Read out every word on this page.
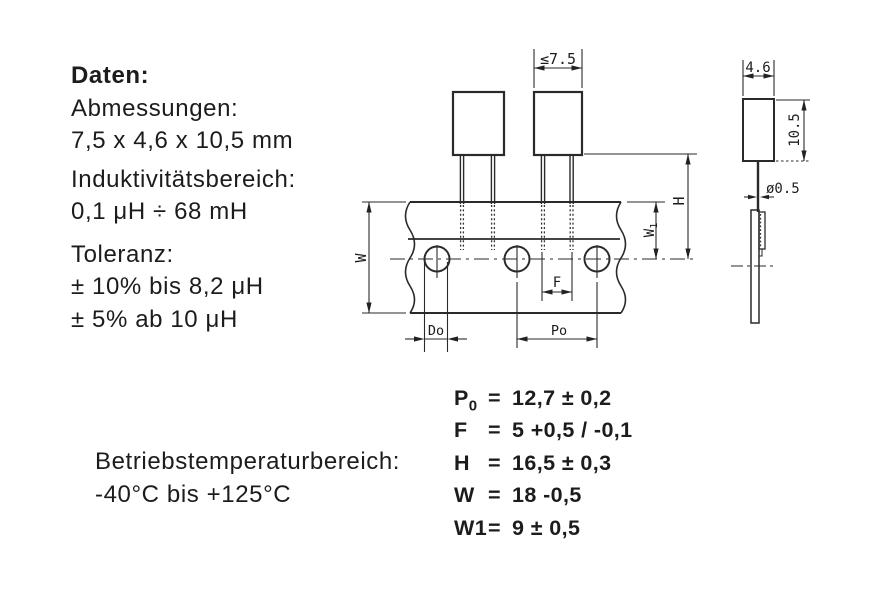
Daten:
Abmessungen:
7,5 x 4,6 x 10,5 mm
Induktivitätsbereich:
0,1 μH ÷ 68 mH
Toleranz:
± 10% bis 8,2 μH
± 5% ab 10 μH
Betriebstemperaturbereich:
-40°C bis +125°C
$P_0 = 12,7 \pm 0,2$
F = 5 +0,5 / -0,1
H = 16,5 ± 0,3
W = 18 -0,5
W1 = 9 ± 0,5
≤7.5
H
$W_1$
W
F
Do	Po
4.6
10.5
ø0.5
